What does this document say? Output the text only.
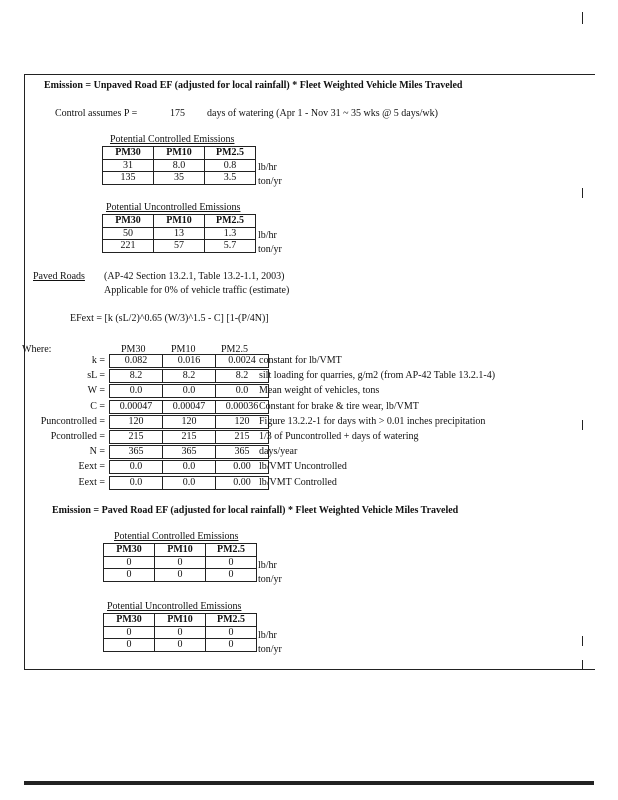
Emission = Unpaved Road EF (adjusted for local rainfall) * Fleet Weighted Vehicle Miles Traveled
Control assumes P =	175 days of watering (Apr 1 - Nov 31 ~ 35 wks @ 5 days/wk)
Potential Controlled Emissions
PM30	PM10	PM2.5
31	8.0	0.8
135	35	3.5
lb/hr
ton/yr
Potential Uncontrolled Emissions
PM30	PM10	PM2.5
50	13	1.3
221	57	5.7
lb/hr
ton/yr
Paved Roads (AP-42 Section 13.2.1, Table 13.2-1.1, 2003)
Applicable for 0% of vehicle traffic (estimate)
EFext = [k (sL/2)^0.65 (W/3)^1.5 - C] [1-(P/4N)]
Where:	PM30	PM10	PM2.5
k = 0.082	0.016	0.0024 constant for lb/VMT
sL = 8.2	8.2	8.2 silt loading for quarries, g/m2 (from AP-42 Table 13.2.1-4)
W = 0.0	0.0	0.0 Mean weight of vehicles, tons
C = 0.00047	0.00047	0.00036 Constant for brake & tire wear, lb/VMT
Puncontrolled = 120	120	120 Figure 13.2.2-1 for days with > 0.01 inches precipitation
Pcontrolled = 215	215	215 1/3 of Puncontrolled + days of watering
N = 365	365	365 days/year
Eext = 0.0	0.0	0.00 lb/VMT Uncontrolled
Eext = 0.0	0.0	0.00 lb/VMT Controlled
Emission = Paved Road EF (adjusted for local rainfall) * Fleet Weighted Vehicle Miles Traveled
Potential Controlled Emissions
PM30	PM10	PM2.5
0	0	0
0	0	0
lb/hr
ton/yr
Potential Uncontrolled Emissions
PM30	PM10	PM2.5
0	0	0
0	0	0
lb/hr
ton/yr
